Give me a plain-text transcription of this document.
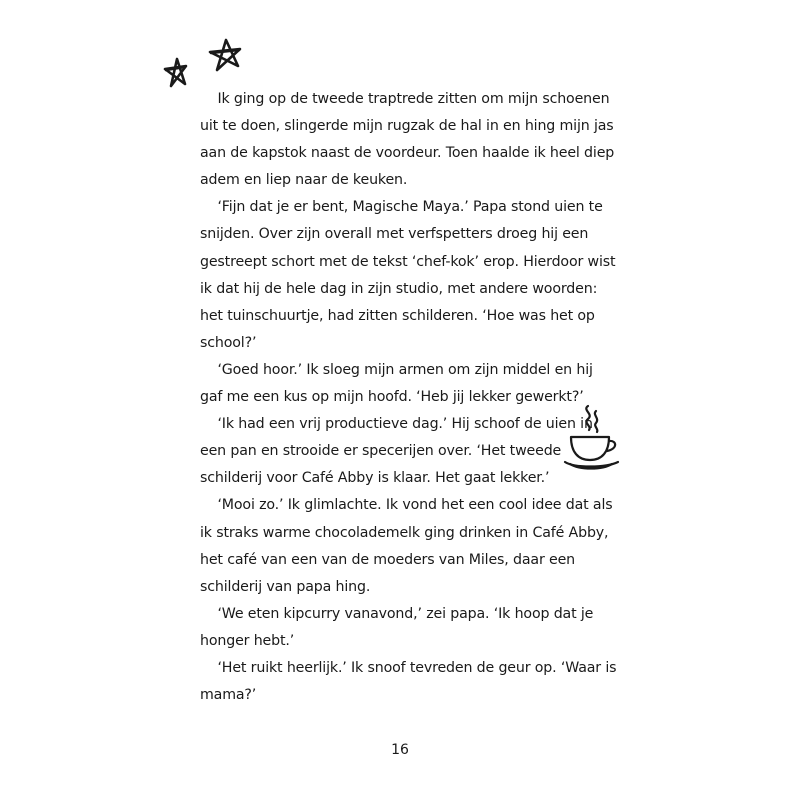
Ik ging op de tweede traptrede zitten om mijn schoenen
uit te doen, slingerde mijn rugzak de hal in en hing mijn jas
aan de kapstok naast de voordeur. Toen haalde ik heel diep
adem en liep naar de keuken.
‘Fijn dat je er bent, Magische Maya.’ Papa stond uien te
snijden. Over zijn overall met verfspetters droeg hij een
gestreept schort met de tekst ‘chef-kok’ erop. Hierdoor wist
ik dat hij de hele dag in zijn studio, met andere woorden:
het tuinschuurtje, had zitten schilderen. ‘Hoe was het op
school?’
‘Goed hoor.’ Ik sloeg mijn armen om zijn middel en hij
gaf me een kus op mijn hoofd. ‘Heb jij lekker gewerkt?’
‘Ik had een vrij productieve dag.’ Hij schoof de uien in
een pan en strooide er specerijen over. ‘Het tweede
schilderij voor Café Abby is klaar. Het gaat lekker.’
‘Mooi zo.’ Ik glimlachte. Ik vond het een cool idee dat als
ik straks warme chocolademelk ging drinken in Café Abby,
het café van een van de moeders van Miles, daar een
schilderij van papa hing.
‘We eten kipcurry vanavond,’ zei papa. ‘Ik hoop dat je
honger hebt.’
‘Het ruikt heerlijk.’ Ik snoof tevreden de geur op. ‘Waar is
mama?’
16
